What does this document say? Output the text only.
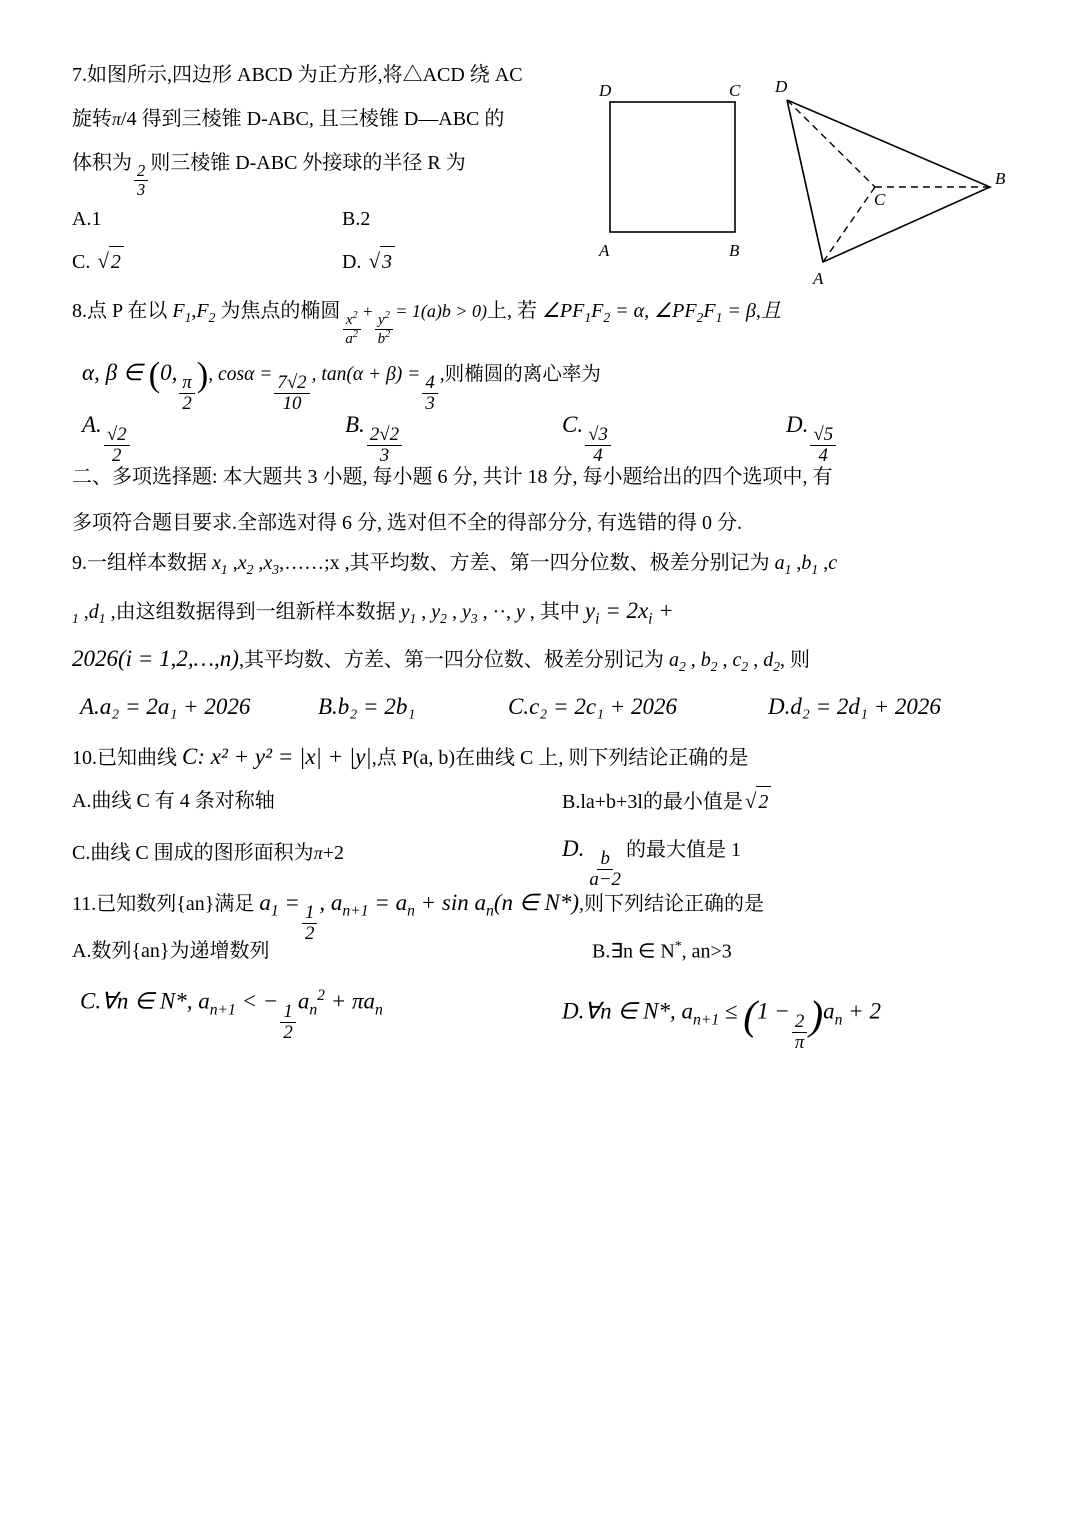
7.如图所示,四边形 ABCD 为正方形,将△ACD 绕 AC
旋转π/4 得到三棱锥 D-ABC, 且三棱锥 D—ABC 的
体积为 $\frac{2}{3}$ 则三棱锥 D-ABC 外接球的半径 R 为
A.1	B.2
C. √ 2	D. √ 3
D	C
A	B
D
C
B
A
8.点 P 在以 $F_1,F_2$ 为焦点的椭圆 $\frac{x^2}{a^2} + \frac{y^2}{b^2} = 1(a)b > 0$)上, 若 $\angle PF_1F_2 = \alpha$, $\angle PF_2F_1 = \beta$,且
α, β ∈ (0,
$\frac{\pi}{2}$ ), $\cos\alpha = \frac{7√2}{10}$ , $\tan(\alpha + \beta) = \frac{4}{3}$ ,则椭圆的离心率为
A.
$\frac{√2}{2}$
B.
$\frac{2√2}{3}$
C.
$\frac{√3}{4}$
D.
$\frac{√5}{4}$
二、多项选择题: 本大题共 3 小题, 每小题 6 分, 共计 18 分, 每小题给出的四个选项中, 有
多项符合题目要求.全部选对得 6 分, 选对但不全的得部分分, 有选错的得 0 分.
9.一组样本数据 $x_1$ $,x_2$ $,x_3,\dots\dots;x$ ,其平均数、方差、第一四分位数、极差分别记为 $a_1$ $,b_1$ ,c
$_1$ $,d_1$ ,由这组数据得到一组新样本数据 $y_1$ , $y_2$ , $y_3$ , ··, y , 其中 $y_i = 2x_i$ +
2026(i = 1,2,…,n),其平均数、方差、第一四分位数、极差分别记为 $a_2$ , $b_2$ , $c_2$ , $d_2$, 则
A.a₂ = 2a₁ + 2026	B.b₂ = 2b₁	C.c₂ = 2c₁ + 2026	D.d₂ = 2d₁ + 2026
10.已知曲线 C: x² + y² = |x| + |y|,点 P(a, b)在曲线 C 上, 则下列结论正确的是
A.曲线 C 有 4 条对称轴	B.la+b+3l的最小值是√ 2
C.曲线 C 围成的图形面积为π+2	D.
$\frac{b}{a-2}$ 的最大值是 1
11.已知数列{an}满足 $a_1$ =
$\frac{1}{2}$
, $a_{n+1} = a_n + \sin a_n(n$ ∈ N*),则下列结论正确的是
A.数列{an}为递增数列	B.∃n ∈ N*, an>3
C.∀n ∈ N*, $a_{n+1}$ < −
$\frac{1}{2}$
$a_n^2 + \pi a_n$	D.∀n ∈ N*, $a_{n+1} \le (1$ −
$\frac{2}{\pi} )a_n + 2$
